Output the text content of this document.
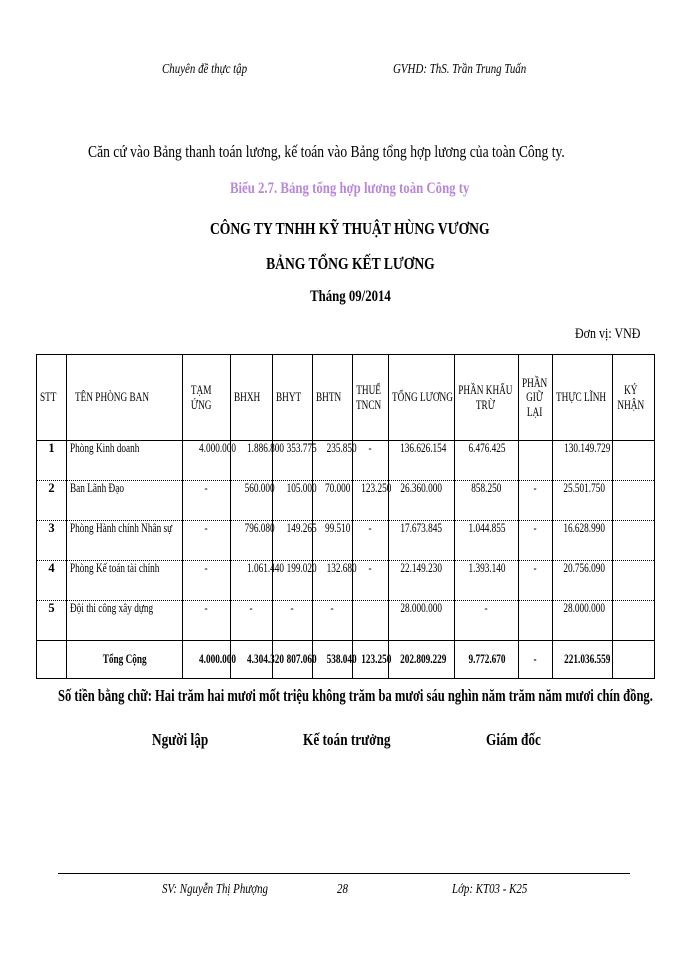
Chuyên đề thực tập	GVHD: ThS. Trần Trung Tuấn
Căn cứ vào Bảng thanh toán lương, kế toán vào Bảng tổng hợp lương của toàn Công ty.
Biểu 2.7. Bảng tổng hợp lương toàn Công ty
CÔNG TY TNHH KỸ THUẬT HÙNG VƯƠNG
BẢNG TỔNG KẾT LƯƠNG
Tháng 09/2014
Đơn vị: VNĐ
STT	TÊN PHÒNG BAN	TẠM ỨNG	BHXH	BHYT	BHTN	THUẾ TNCN	TỔNG LƯƠNG	PHẦN KHẤU TRỪ	PHẦN GIỮ LẠI	THỰC LĨNH	KÝ NHẬN
1	Phòng Kinh doanh	4.000.000	1.886.800	353.775	235.850	-	136.626.154	6.476.425		130.149.729	
2	Ban Lãnh Đạo	-	560.000	105.000	70.000	123.250	26.360.000	858.250	-	25.501.750	
3	Phòng Hành chính Nhân sự	-	796.080	149.265	99.510	-	17.673.845	1.044.855	-	16.628.990	
4	Phòng Kế toán tài chính	-	1.061.440	199.020	132.680	-	22.149.230	1.393.140	-	20.756.090	
5	Đội thi công xây dựng	-	-	-	-		28.000.000	-		28.000.000	
	Tổng Cộng	4.000.000	4.304.320	807.060	538.040	123.250	202.809.229	9.772.670	-	221.036.559	
Số tiền bằng chữ: Hai trăm hai mươi mốt triệu không trăm ba mươi sáu nghìn năm trăm năm mươi chín đồng.
Người lập	Kế toán trưởng	Giám đốc
SV: Nguyễn Thị Phượng	28	Lớp: KT03 - K25
